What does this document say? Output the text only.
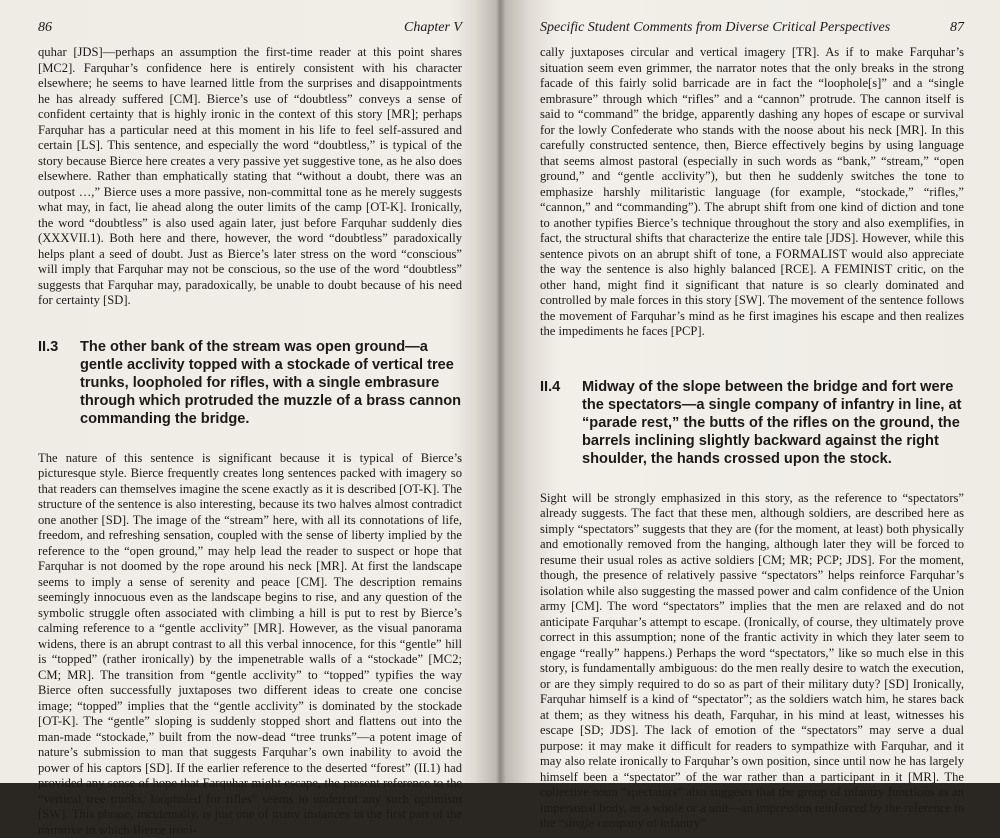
86	Chapter V

quhar [JDS]—perhaps an assumption the first-time reader at this point shares [MC2]. Farquhar’s confidence here is entirely consistent with his character elsewhere; he seems to have learned little from the surprises and disappointments he has already suffered [CM]. Bierce’s use of “doubtless” conveys a sense of confident certainty that is highly ironic in the context of this story [MR]; perhaps Farquhar has a particular need at this moment in his life to feel self-assured and certain [LS]. This sentence, and especially the word “doubtless,” is typical of the story because Bierce here creates a very passive yet suggestive tone, as he also does elsewhere. Rather than emphatically stating that “without a doubt, there was an outpost …,” Bierce uses a more passive, non-committal tone as he merely suggests what may, in fact, lie ahead along the outer limits of the camp [OT-K]. Ironically, the word “doubtless” is also used again later, just before Farquhar suddenly dies (XXXVII.1). Both here and there, however, the word “doubtless” paradoxically helps plant a seed of doubt. Just as Bierce’s later stress on the word “conscious” will imply that Farquhar may not be conscious, so the use of the word “doubtless” suggests that Farquhar may, paradoxically, be unable to doubt because of his need for certainty [SD].

II.3 The other bank of the stream was open ground—a gentle acclivity topped with a stockade of vertical tree trunks, loopholed for rifles, with a single embrasure through which protruded the muzzle of a brass cannon commanding the bridge.

The nature of this sentence is significant because it is typical of Bierce’s picturesque style. Bierce frequently creates long sentences packed with imagery so that readers can themselves imagine the scene exactly as it is described [OT-K]. The structure of the sentence is also interesting, because its two halves almost contradict one another [SD]. The image of the “stream” here, with all its connotations of life, freedom, and refreshing sensation, coupled with the sense of liberty implied by the reference to the “open ground,” may help lead the reader to suspect or hope that Farquhar is not doomed by the rope around his neck [MR]. At first the landscape seems to imply a sense of serenity and peace [CM]. The description remains seemingly innocuous even as the landscape begins to rise, and any question of the symbolic struggle often associated with climbing a hill is put to rest by Bierce’s calming reference to a “gentle acclivity” [MR]. However, as the visual panorama widens, there is an abrupt contrast to all this verbal innocence, for this “gentle” hill is “topped” (rather ironically) by the impenetrable walls of a “stockade” [MC2; CM; MR]. The transition from “gentle acclivity” to “topped” typifies the way Bierce often successfully juxtaposes two different ideas to create one concise image; “topped” implies that the “gentle acclivity” is dominated by the stockade [OT-K]. The “gentle” sloping is suddenly stopped short and flattens out into the man-made “stockade,” built from the now-dead “tree trunks”—a potent image of nature’s submission to man that suggests Farquhar’s own inability to avoid the power of his captors [SD]. If the earlier reference to the deserted “forest” (II.1) had provided any sense of hope that Farquhar might escape, the present reference to the “vertical tree trunks, loopholed for rifles” seems to undercut any such optimism [SW]. This phrase, incidentally, is just one of many instances in the first part of the narrative in which Bierce ironi-

Specific Student Comments from Diverse Critical Perspectives	87

cally juxtaposes circular and vertical imagery [TR]. As if to make Farquhar’s situation seem even grimmer, the narrator notes that the only breaks in the strong facade of this fairly solid barricade are in fact the “loophole[s]” and a “single embrasure” through which “rifles” and a “cannon” protrude. The cannon itself is said to “command” the bridge, apparently dashing any hopes of escape or survival for the lowly Confederate who stands with the noose about his neck [MR]. In this carefully constructed sentence, then, Bierce effectively begins by using language that seems almost pastoral (especially in such words as “bank,” “stream,” “open ground,” and “gentle acclivity”), but then he suddenly switches the tone to emphasize harshly militaristic language (for example, “stockade,” “rifles,” “cannon,” and “commanding”). The abrupt shift from one kind of diction and tone to another typifies Bierce’s technique throughout the story and also exemplifies, in fact, the structural shifts that characterize the entire tale [JDS]. However, while this sentence pivots on an abrupt shift of tone, a FORMALIST would also appreciate the way the sentence is also highly balanced [RCE]. A FEMINIST critic, on the other hand, might find it significant that nature is so clearly dominated and controlled by male forces in this story [SW]. The movement of the sentence follows the movement of Farquhar’s mind as he first imagines his escape and then realizes the impediments he faces [PCP].

II.4 Midway of the slope between the bridge and fort were the spectators—a single company of infantry in line, at “parade rest,” the butts of the rifles on the ground, the barrels inclining slightly backward against the right shoulder, the hands crossed upon the stock.

Sight will be strongly emphasized in this story, as the reference to “spectators” already suggests. The fact that these men, although soldiers, are described here as simply “spectators” suggests that they are (for the moment, at least) both physically and emotionally removed from the hanging, although later they will be forced to resume their usual roles as active soldiers [CM; MR; PCP; JDS]. For the moment, though, the presence of relatively passive “spectators” helps reinforce Farquhar’s isolation while also suggesting the massed power and calm confidence of the Union army [CM]. The word “spectators” implies that the men are relaxed and do not anticipate Farquhar’s attempt to escape. (Ironically, of course, they ultimately prove correct in this assumption; none of the frantic activity in which they later seem to engage “really” happens.) Perhaps the word “spectators,” like so much else in this story, is fundamentally ambiguous: do the men really desire to watch the execution, or are they simply required to do so as part of their military duty? [SD] Ironically, Farquhar himself is a kind of “spectator”; as the soldiers watch him, he stares back at them; as they witness his death, Farquhar, in his mind at least, witnesses his escape [SD; JDS]. The lack of emotion of the “spectators” may serve a dual purpose: it may make it difficult for readers to sympathize with Farquhar, and it may also relate ironically to Farquhar’s own position, since until now he has largely himself been a “spectator” of the war rather than a participant in it [MR]. The collective noun “spectators” also suggests that the group of infantry functions as an impersonal body, as a whole or a unit—an impression reinforced by the reference to the “single company of infantry”
